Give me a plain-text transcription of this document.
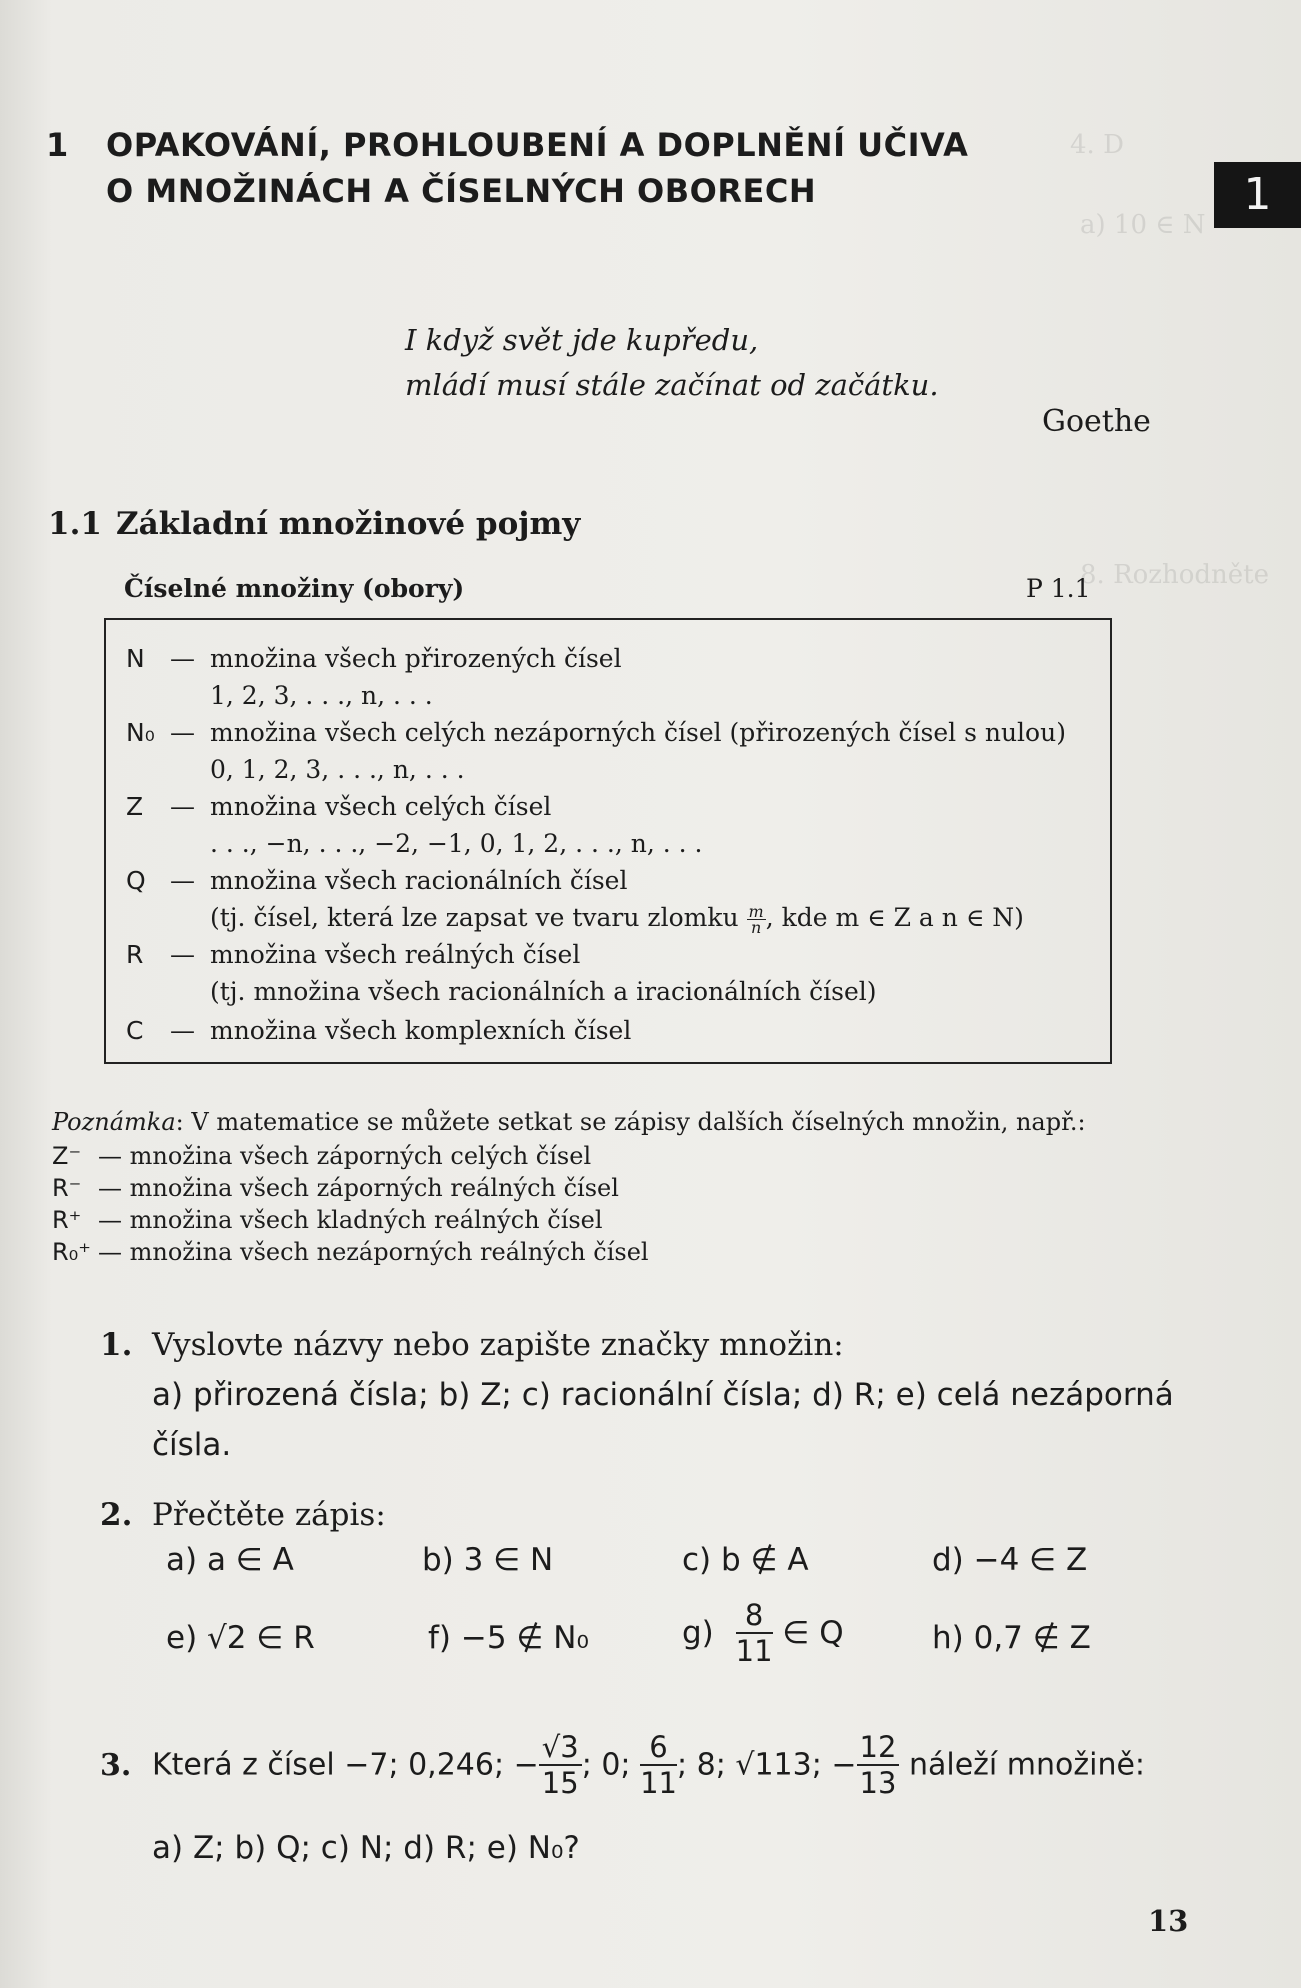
4. D
a) 10 ∈ N
8. Rozhodněte
1 OPAKOVÁNÍ, PROHLOUBENÍ A DOPLNĚNÍ UČIVA
O MNOŽINÁCH A ČÍSELNÝCH OBORECH	1
I když svět jde kupředu,
mládí musí stále začínat od začátku.
Goethe
1.1 Základní množinové pojmy
Číselné množiny (obory)	P 1.1
N — množina všech přirozených čísel
1, 2, 3, . . ., n, . . .
N₀ — množina všech celých nezáporných čísel (přirozených čísel s nulou)
0, 1, 2, 3, . . ., n, . . .
Z — množina všech celých čísel
. . ., −n, . . ., −2, −1, 0, 1, 2, . . ., n, . . .
Q — množina všech racionálních čísel
(tj. čísel, která lze zapsat ve tvaru zlomku $\frac{m}{n}$ , kde m ∈ Z a n ∈ N)
R — množina všech reálných čísel
(tj. množina všech racionálních a iracionálních čísel)
C — množina všech komplexních čísel
Poznámka: V matematice se můžete setkat se zápisy dalších číselných množin, např.:
Z⁻ — množina všech záporných celých čísel
R⁻ — množina všech záporných reálných čísel
R⁺ — množina všech kladných reálných čísel
R₀⁺ — množina všech nezáporných reálných čísel
1. Vyslovte názvy nebo zapište značky množin:
a) přirozená čísla; b) Z; c) racionální čísla; d) R; e) celá nezáporná
čísla.
2. Přečtěte zápis:
a) a ∈ A	b) 3 ∈ N	c) b ∉ A	d) −4 ∈ Z
e) √2 ∈ R	f) −5 ∉ N₀	$g) \frac{8}{11}$ ∈ Q	h) 0,7 ∉ Z
3. Která z čísel −7; 0,246; − $\frac{√3}{15}$ ; 0; $\frac{6}{11}$ ; 8; √113; − $\frac{12}{13}$ náleží množině:
a) Z; b) Q; c) N; d) R; e) N₀?
13
